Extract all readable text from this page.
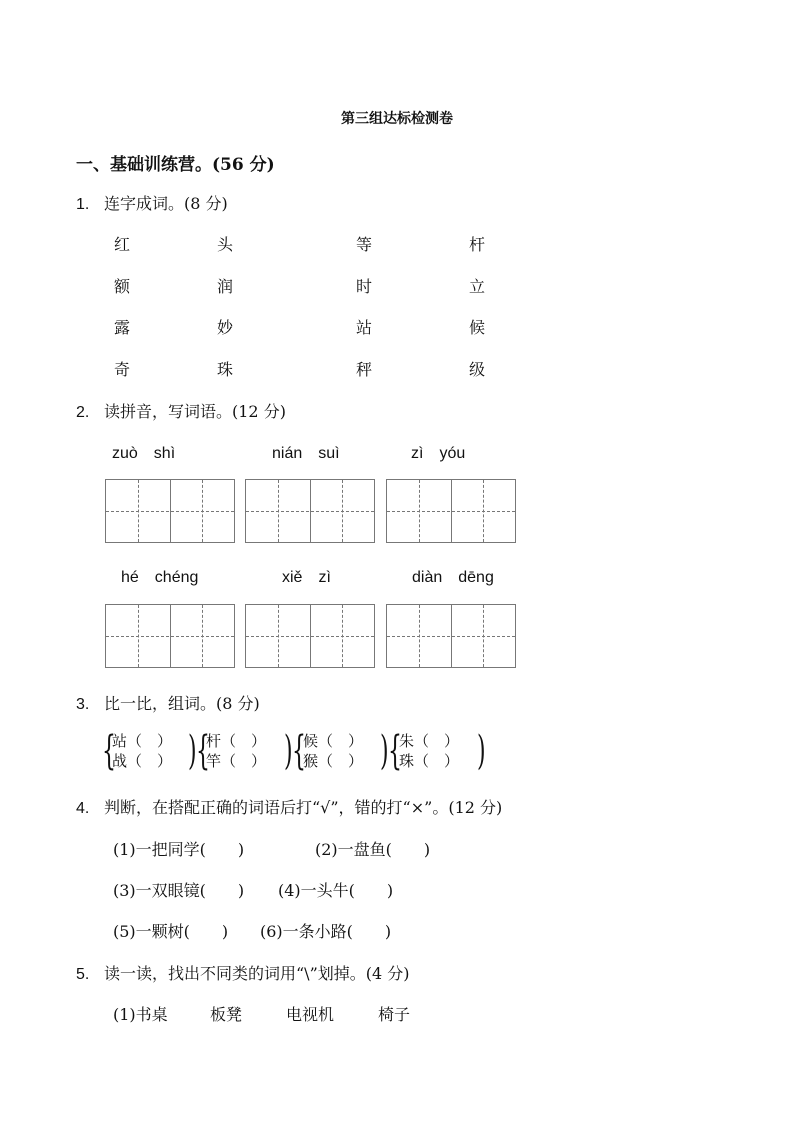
第三组达标检测卷
一、基础训练营。(56 分)
1. 连字成词。(8 分)
红	头	等	杆
额	润	时	立
露	妙	站	候
奇	珠	秤	级
2. 读拼音，写词语。(12 分)
zuò　shì	nián　suì	zì　yóu
hé　chéng	xiě　zì	diàn　dēng
3. 比一比，组词。(8 分)
{
站（　）
战（　） ) {
杆（　）
竿（　） ) {
候（　）
猴（　） ) {
朱（　）
珠（　） )
4. 判断，在搭配正确的词语后打“√”，错的打“×”。(12 分)
(1)一把同学(　　)	(2)一盘鱼(　　)
(3)一双眼镜(　　) (4)一头牛(　　)
(5)一颗树(　　) (6)一条小路(　　)
5. 读一读，找出不同类的词用“\”划掉。(4 分)
(1)书桌	板凳	电视机	椅子
